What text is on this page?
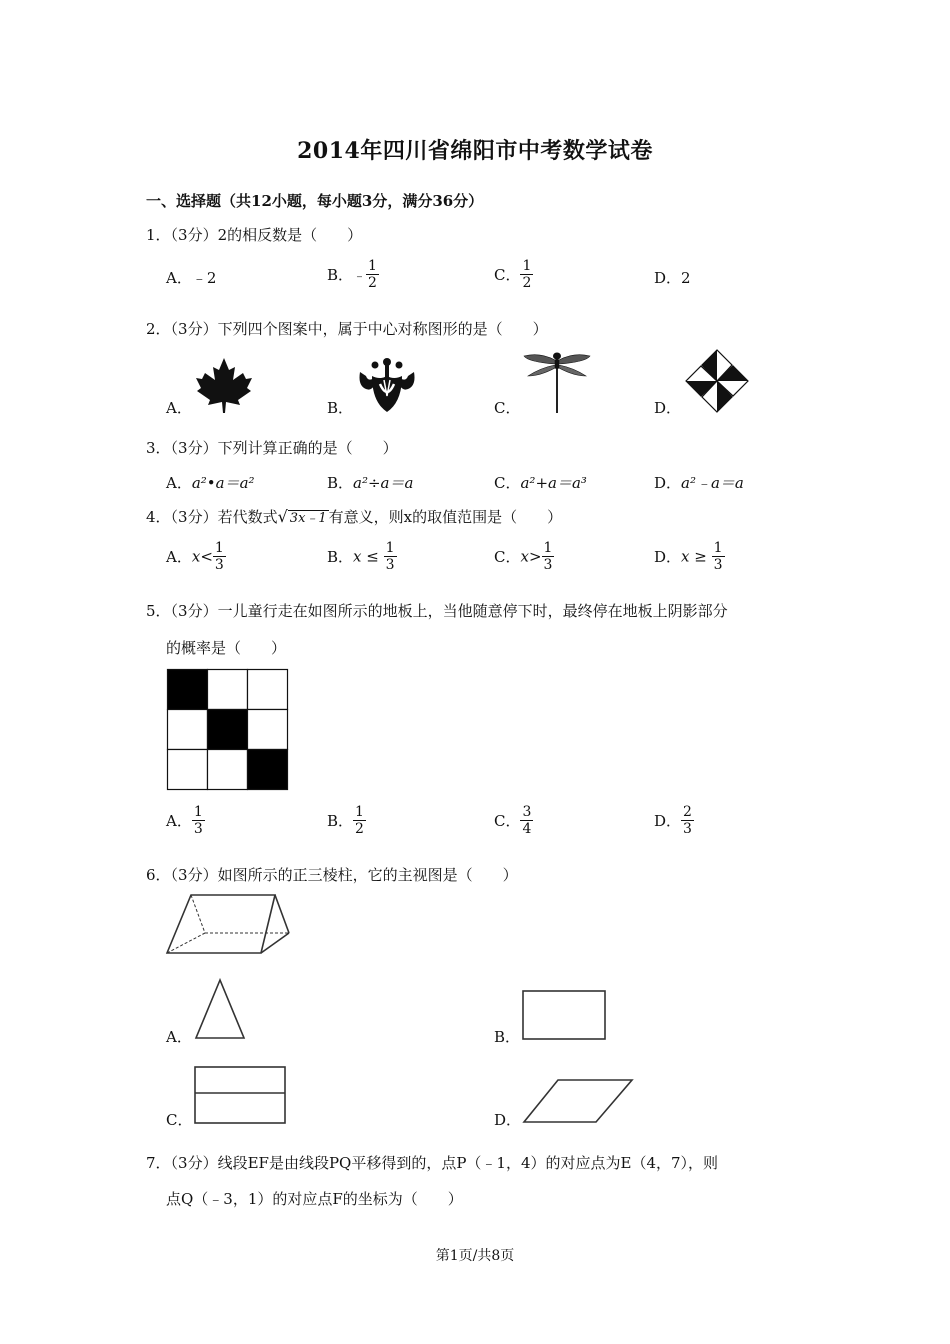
2014年四川省绵阳市中考数学试卷
一、选择题（共12小题，每小题3分，满分36分）
1．（3分）2的相反数是（　　）
A．﹣2	B．﹣ $\frac{1}{2}$	C． $\frac{1}{2}$	D．2
2．（3分）下列四个图案中，属于中心对称图形的是（　　）
A．	B．	C．	D．
3．（3分）下列计算正确的是（　　）
A．a²•a＝a²	B．a²÷a＝a	C．a²+a＝a³	D．a²﹣a＝a
4．（3分）若代数式√ 3x﹣1 有意义，则x的取值范围是（　　）
A．$x< \frac{1}{3}$	B．$x \le \frac{1}{3}$	C．$x> \frac{1}{3}$	D．$x \ge \frac{1}{3}$
5．（3分）一儿童行走在如图所示的地板上，当他随意停下时，最终停在地板上阴影部分
的概率是（　　）
A． $\frac{1}{3}$	B． $\frac{1}{2}$	C． $\frac{3}{4}$	D． $\frac{2}{3}$
6．（3分）如图所示的正三棱柱，它的主视图是（　　）
A．	B．
C．	D．
7．（3分）线段EF是由线段PQ平移得到的，点P（﹣1，4）的对应点为E（4，7），则
点Q（﹣3，1）的对应点F的坐标为（　　）
第1页/共8页
